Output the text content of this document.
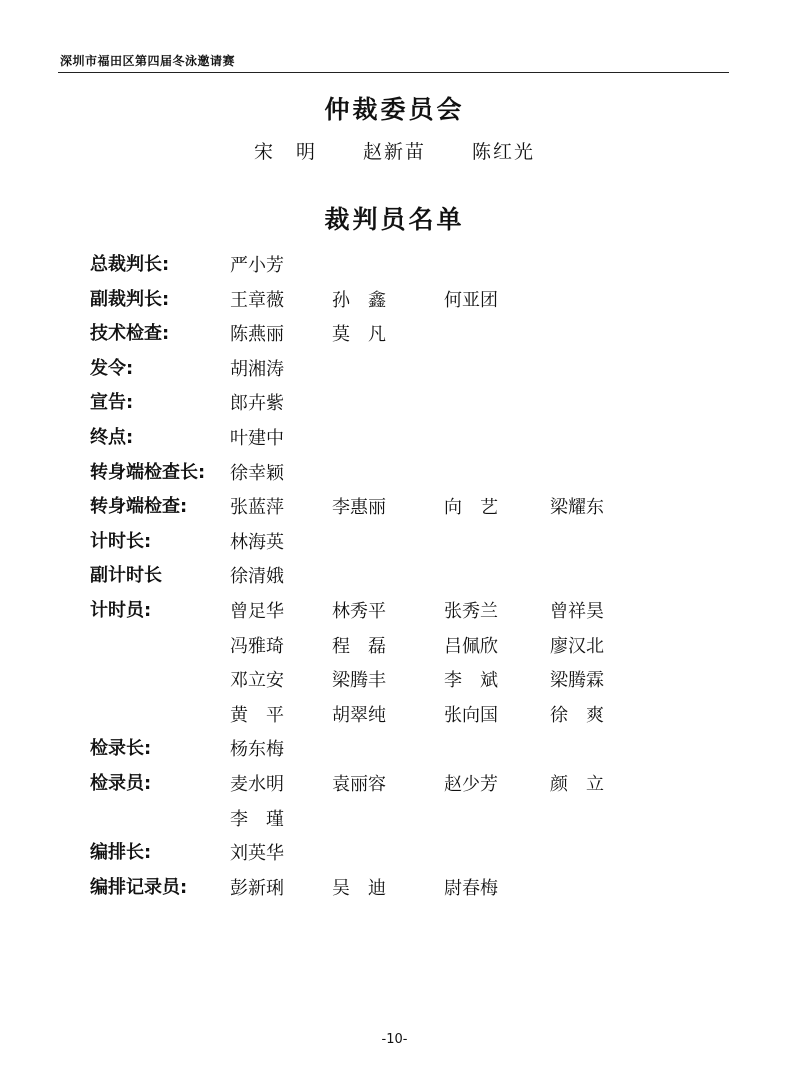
深圳市福田区第四届冬泳邀请赛
仲裁委员会
宋　明 赵新苗 陈红光
裁判员名单
总裁判长:	严小芳
副裁判长:	王章薇	孙　鑫	何亚团
技术检查:	陈燕丽	莫　凡
发令:	胡湘涛
宣告:	郎卉紫
终点:	叶建中
转身端检查长: 徐幸颖
转身端检查: 张蓝萍	李惠丽	向　艺	梁耀东
计时长:	林海英
副计时长	徐清娥
计时员:	曾足华	林秀平	张秀兰	曾祥昊
冯雅琦	程　磊	吕佩欣	廖汉北
邓立安	梁腾丰	李　斌	梁腾霖
黄　平	胡翠纯	张向国	徐　爽
检录长:	杨东梅
检录员:	麦水明	袁丽容	赵少芳	颜　立
李　瑾
编排长:	刘英华
编排记录员: 彭新琍	吴　迪	尉春梅
-10-
